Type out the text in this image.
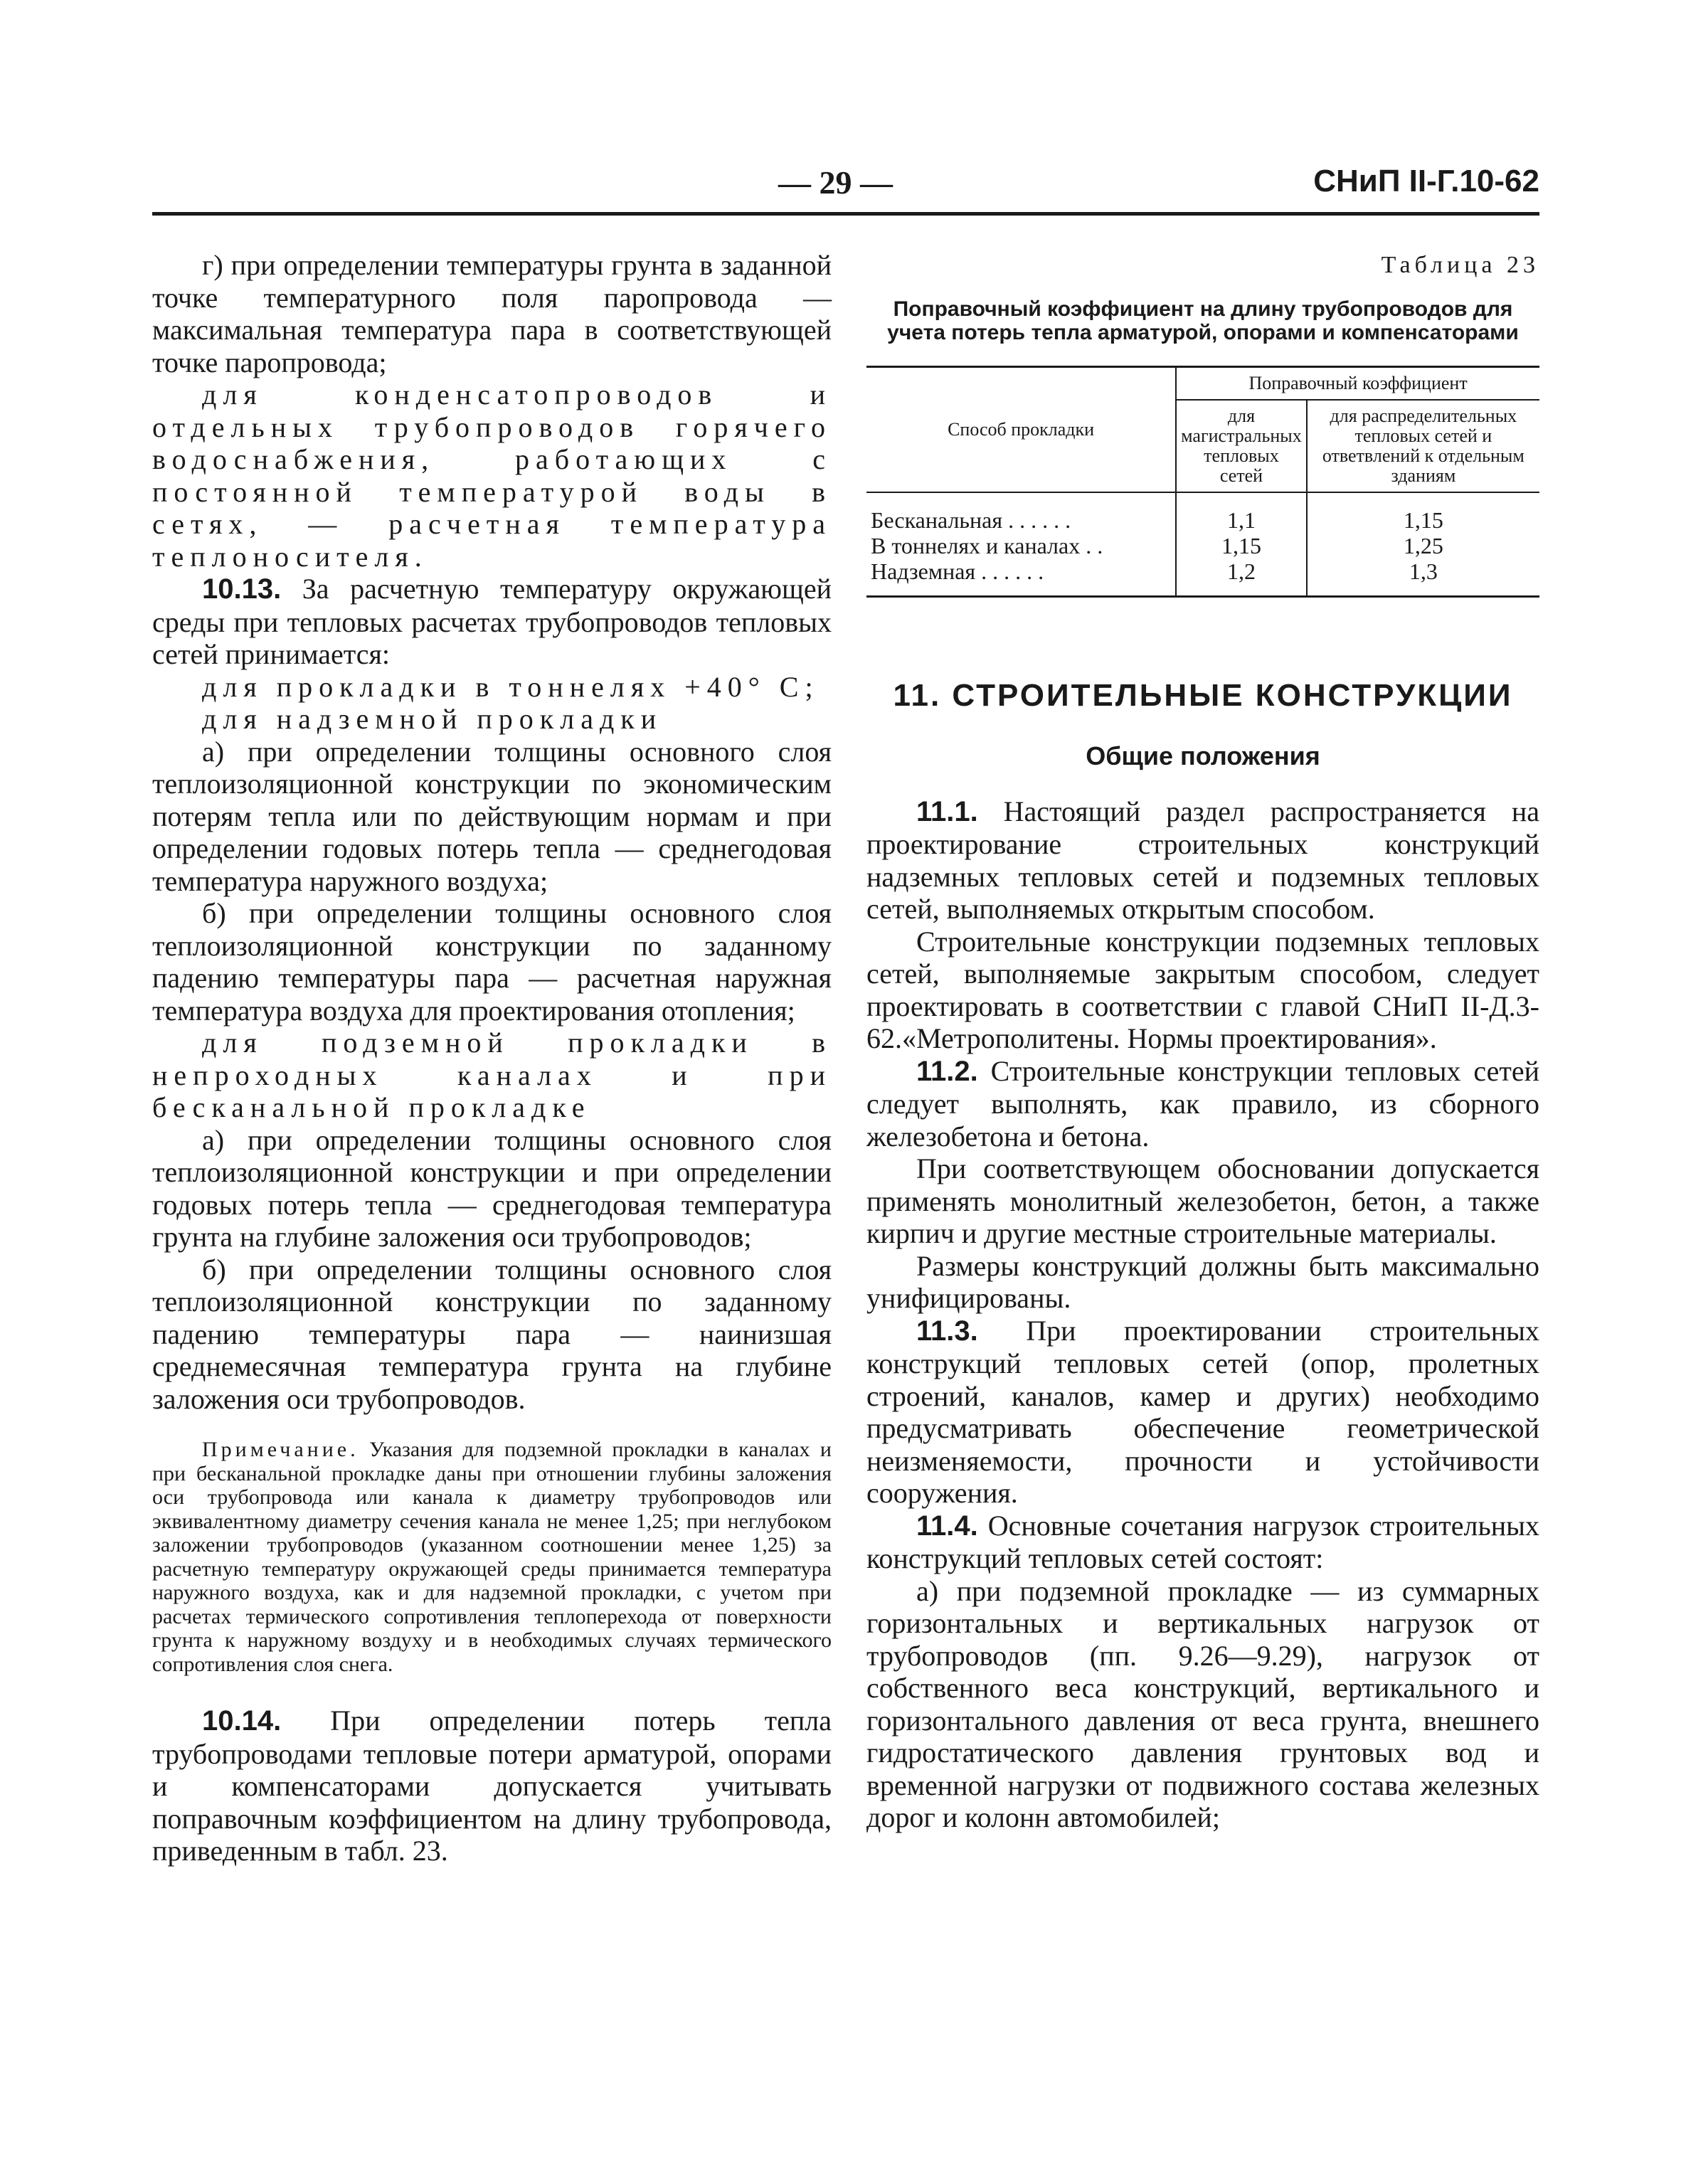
— 29 —	СНиП II-Г.10-62

г) при определении температуры грунта в заданной точке температурного поля паропровода — максимальная температура пара в соответствующей точке паропровода;

для конденсатопроводов и отдельных трубопроводов горячего водоснабжения, работающих с постоянной температурой воды в сетях, — расчетная температура теплоносителя.

10.13. За расчетную температуру окружающей среды при тепловых расчетах трубопроводов тепловых сетей принимается:

для прокладки в тоннелях +40° С;

для надземной прокладки

а) при определении толщины основного слоя теплоизоляционной конструкции по экономическим потерям тепла или по действующим нормам и при определении годовых потерь тепла — среднегодовая температура наружного воздуха;

б) при определении толщины основного слоя теплоизоляционной конструкции по заданному падению температуры пара — расчетная наружная температура воздуха для проектирования отопления;

для подземной прокладки в непроходных каналах и при бесканальной прокладке

а) при определении толщины основного слоя теплоизоляционной конструкции и при определении годовых потерь тепла — среднегодовая температура грунта на глубине заложения оси трубопроводов;

б) при определении толщины основного слоя теплоизоляционной конструкции по заданному падению температуры пара — наинизшая среднемесячная температура грунта на глубине заложения оси трубопроводов.

Примечание. Указания для подземной прокладки в каналах и при бесканальной прокладке даны при отношении глубины заложения оси трубопровода или канала к диаметру трубопроводов или эквивалентному диаметру сечения канала не менее 1,25; при неглубоком заложении трубопроводов (указанном соотношении менее 1,25) за расчетную температуру окружающей среды принимается температура наружного воздуха, как и для надземной прокладки, с учетом при расчетах термического сопротивления теплоперехода от поверхности грунта к наружному воздуху и в необходимых случаях термического сопротивления слоя снега.

10.14. При определении потерь тепла трубопроводами тепловые потери арматурой, опорами и компенсаторами допускается учитывать поправочным коэффициентом на длину трубопровода, приведенным в табл. 23.

Таблица 23

Поправочный коэффициент на длину трубопроводов для учета потерь тепла арматурой, опорами и компенсаторами
Способ прокладки	Поправочный коэффициент	
	для магистральных тепловых сетей	для распределительных тепловых сетей и ответвлений к отдельным зданиям
Бесканальная . . . . . .	1,1	1,15
В тоннелях и каналах . .	1,15	1,25
Надземная . . . . . .	1,2	1,3
11. СТРОИТЕЛЬНЫЕ КОНСТРУКЦИИ
Общие положения

11.1. Настоящий раздел распространяется на проектирование строительных конструкций надземных тепловых сетей и подземных тепловых сетей, выполняемых открытым способом.

Строительные конструкции подземных тепловых сетей, выполняемые закрытым способом, следует проектировать в соответствии с главой СНиП II-Д.3-62.«Метрополитены. Нормы проектирования».

11.2. Строительные конструкции тепловых сетей следует выполнять, как правило, из сборного железобетона и бетона.

При соответствующем обосновании допускается применять монолитный железобетон, бетон, а также кирпич и другие местные строительные материалы.

Размеры конструкций должны быть максимально унифицированы.

11.3. При проектировании строительных конструкций тепловых сетей (опор, пролетных строений, каналов, камер и других) необходимо предусматривать обеспечение геометрической неизменяемости, прочности и устойчивости сооружения.

11.4. Основные сочетания нагрузок строительных конструкций тепловых сетей состоят:

а) при подземной прокладке — из суммарных горизонтальных и вертикальных нагрузок от трубопроводов (пп. 9.26—9.29), нагрузок от собственного веса конструкций, вертикального и горизонтального давления от веса грунта, внешнего гидростатического давления грунтовых вод и временной нагрузки от подвижного состава железных дорог и колонн автомобилей;
